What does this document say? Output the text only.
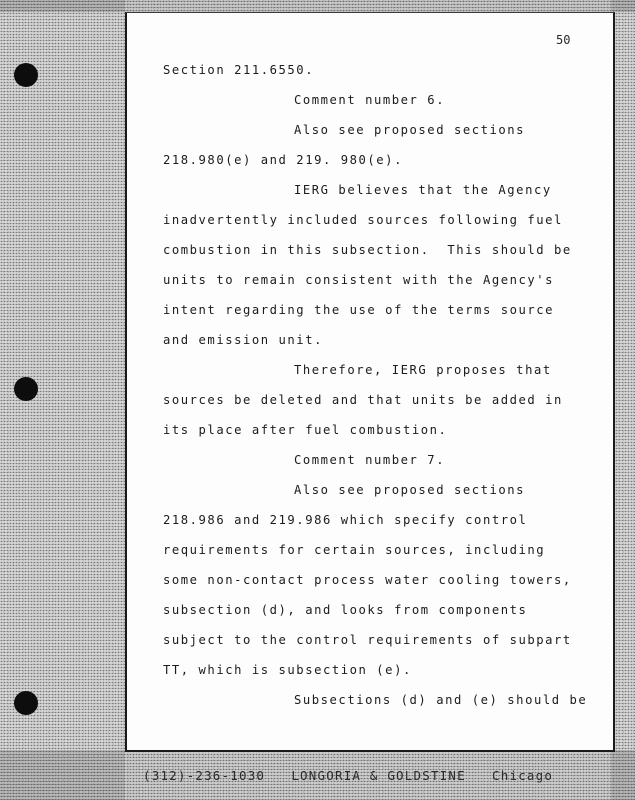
50
Section 211.6550.
Comment number 6.
Also see proposed sections
218.980(e) and 219. 980(e).
IERG believes that the Agency
inadvertently included sources following fuel
combustion in this subsection.  This should be
units to remain consistent with the Agency's
intent regarding the use of the terms source
and emission unit.
Therefore, IERG proposes that
sources be deleted and that units be added in
its place after fuel combustion.
Comment number 7.
Also see proposed sections
218.986 and 219.986 which specify control
requirements for certain sources, including
some non-contact process water cooling towers,
subsection (d), and looks from components
subject to the control requirements of subpart
TT, which is subsection (e).
Subsections (d) and (e) should be
(312)-236-1030   LONGORIA & GOLDSTINE   Chicago
